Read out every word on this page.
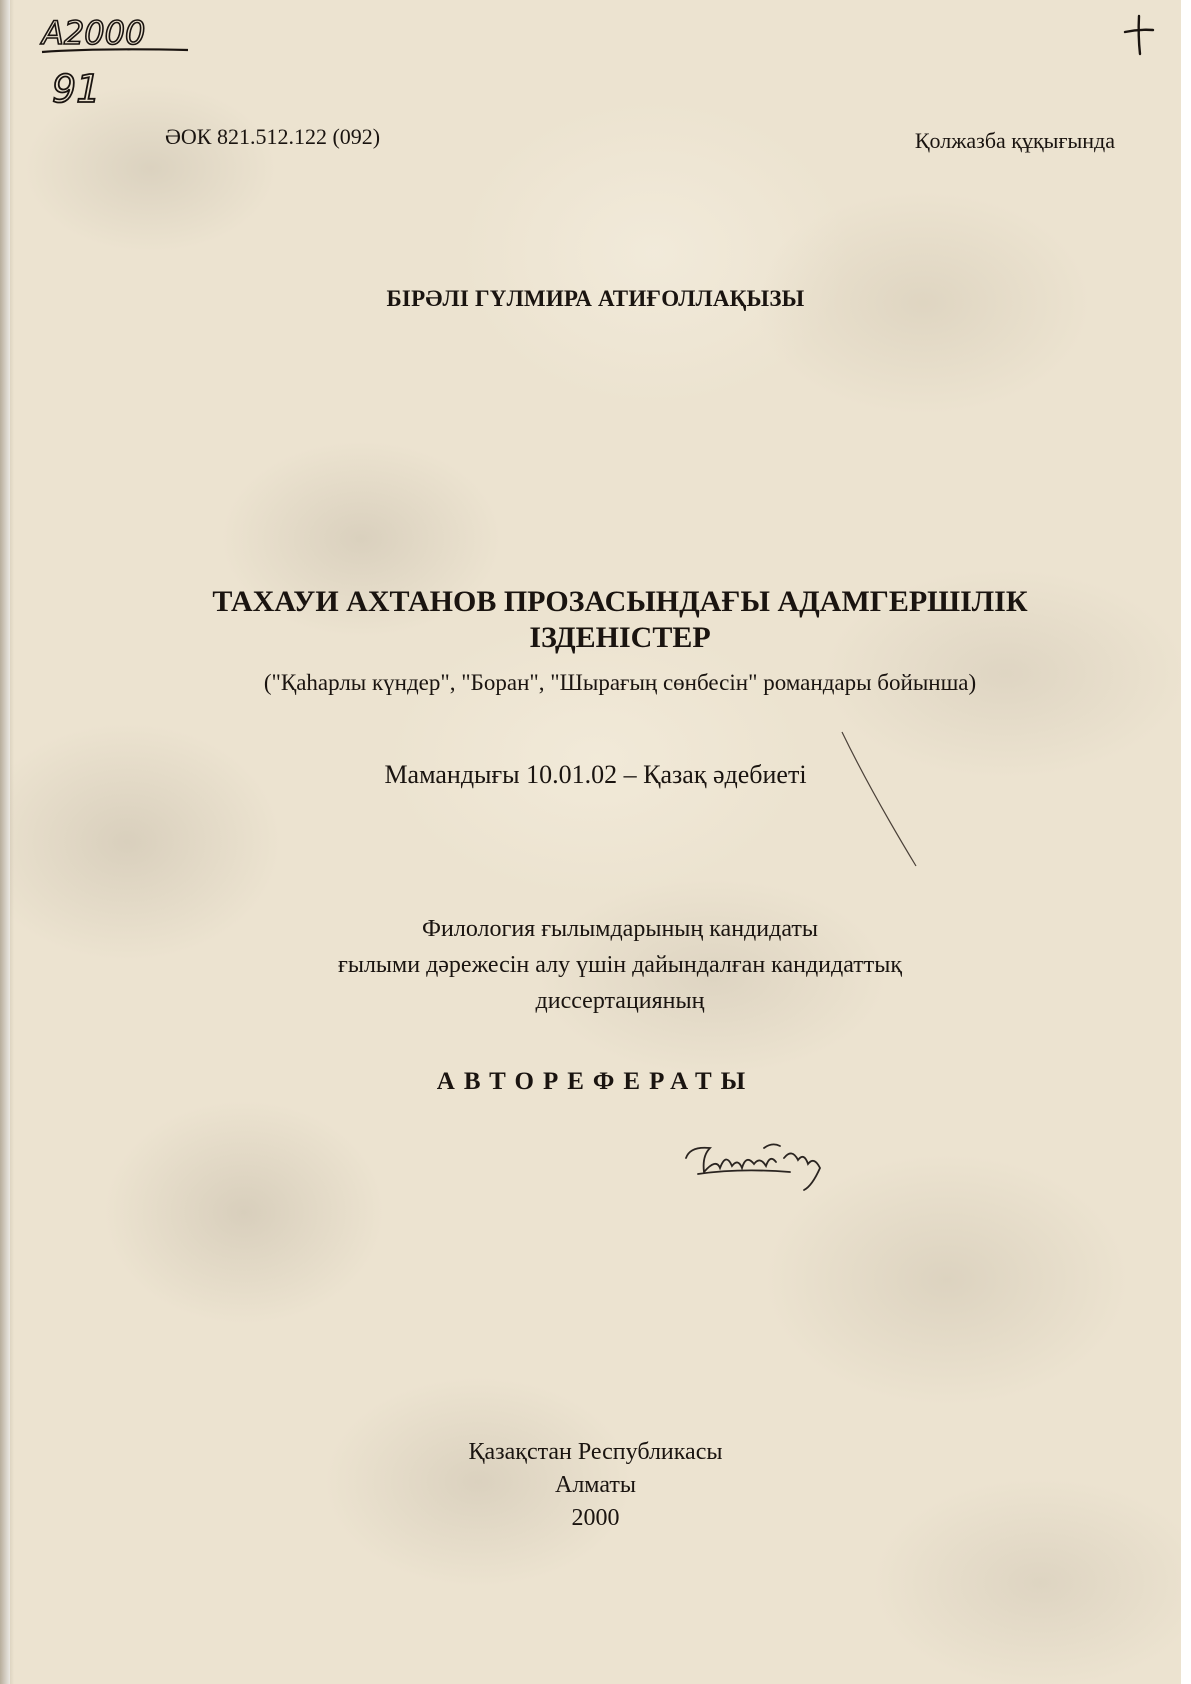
А2000
91
ӘОК 821.512.122 (092)	Қолжазба құқығында
БІРӘЛІ ГҮЛМИРА АТИҒОЛЛАҚЫЗЫ
ТАХАУИ АХТАНОВ ПРОЗАСЫНДАҒЫ АДАМГЕРШІЛІК
ІЗДЕНІСТЕР
("Қаһарлы күндер", "Боран", "Шырағың сөнбесін" романдары бойынша)
Мамандығы 10.01.02 – Қазақ әдебиеті
Филология ғылымдарының кандидаты
ғылыми дәрежесін алу үшін дайындалған кандидаттық
диссертацияның
АВТОРЕФЕРАТЫ
Қазақстан Республикасы
Алматы
2000
